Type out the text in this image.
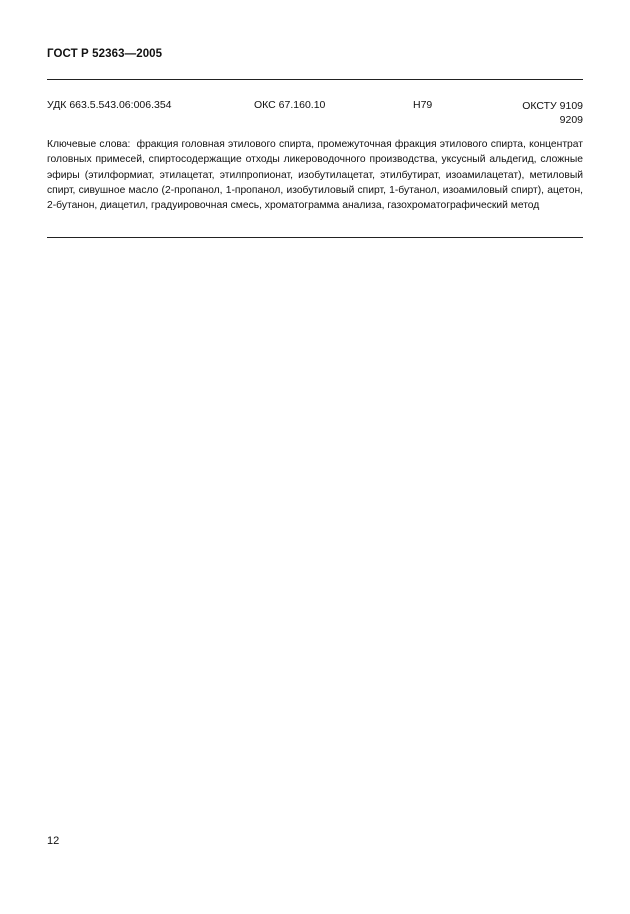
ГОСТ Р 52363—2005
УДК 663.5.543.06:006.354	ОКС 67.160.10	Н79	ОКСТУ 9109
9209
Ключевые слова: фракция головная этилового спирта, промежуточная фракция этилового спирта, концентрат головных примесей, спиртосодержащие отходы ликероводочного производства, уксусный альдегид, сложные эфиры (этилформиат, этилацетат, этилпропионат, изобутилацетат, этилбутират, изоамилацетат), метиловый спирт, сивушное масло (2-пропанол, 1-пропанол, изобутиловый спирт, 1-бутанол, изоамиловый спирт), ацетон, 2-бутанон, диацетил, градуировочная смесь, хроматограмма анализа, газохроматографический метод
12
